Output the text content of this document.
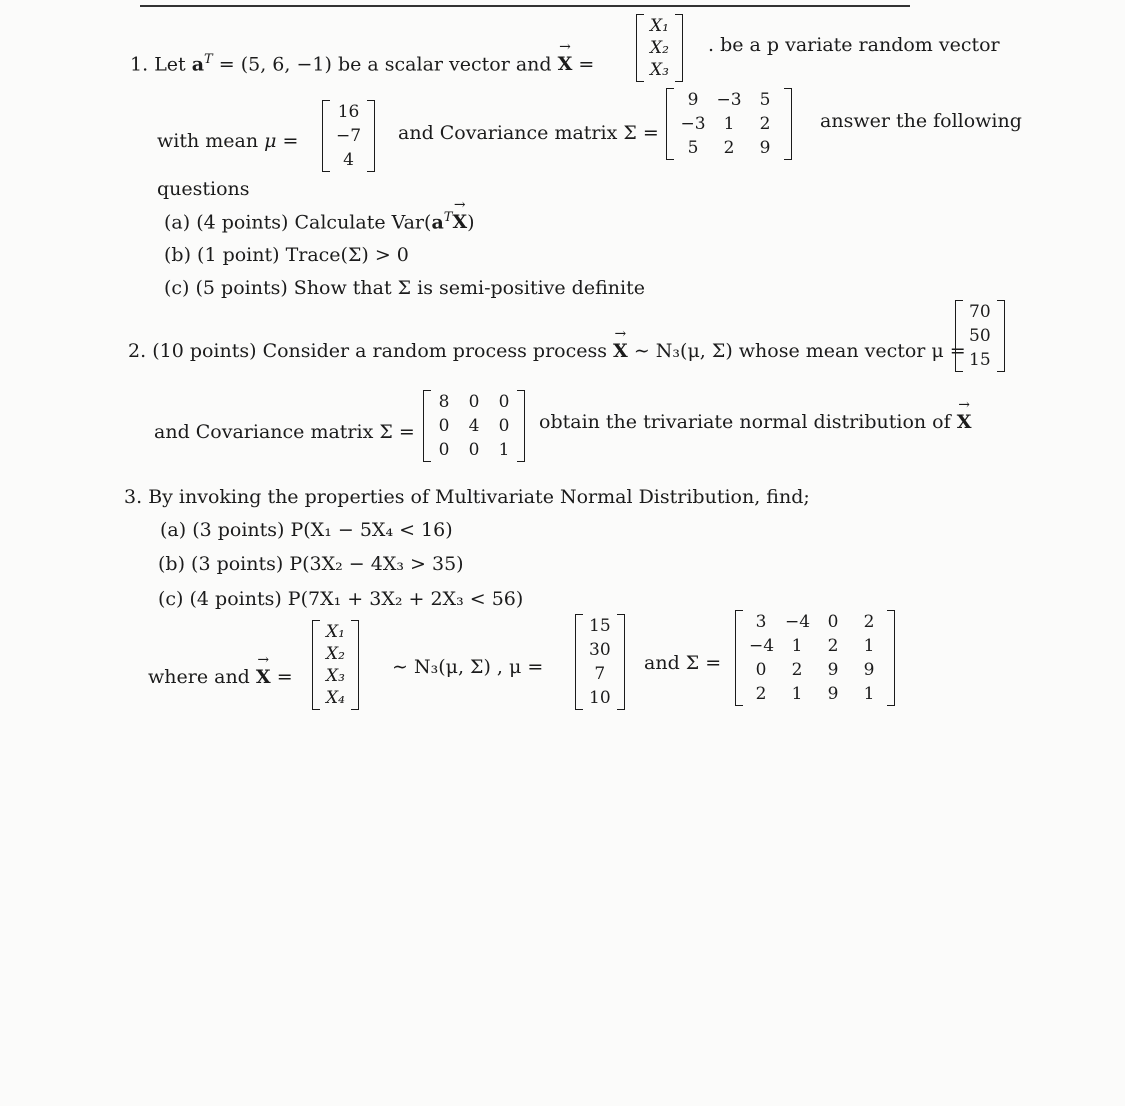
1. Let $a^T = (5$, 6, −1) be a scalar vector and → X =
X₁
X₂
X₃
. be a p variate random vector
with mean μ =
16
−7
4
and Covariance matrix Σ =
9	−3	5
−3	1	2
5	2	9
answer the following
questions
(a) (4 points) Calculate $Var(a^T\to X)$
(b) (1 point) Trace(Σ) > 0
(c) (5 points) Show that Σ is semi-positive definite
2. (10 points) Consider a random process process → X ∼ N₃(μ, Σ) whose mean vector μ =
70
50
15
and Covariance matrix Σ =
8 0 0
0 4 0
0 0 1
obtain the trivariate normal distribution of → X
3. By invoking the properties of Multivariate Normal Distribution, find;
(a) (3 points) P(X₁ − 5X₄ < 16)
(b) (3 points) P(3X₂ − 4X₃ > 35)
(c) (4 points) P(7X₁ + 3X₂ + 2X₃ < 56)
where and → X =
X₁
X₂
X₃
X₄
∼ N₃(μ, Σ) , μ =
15
30
7
10
and Σ =
3	−4	0	2
−4	1	2	1
0	2	9	9
2	1	9	1
